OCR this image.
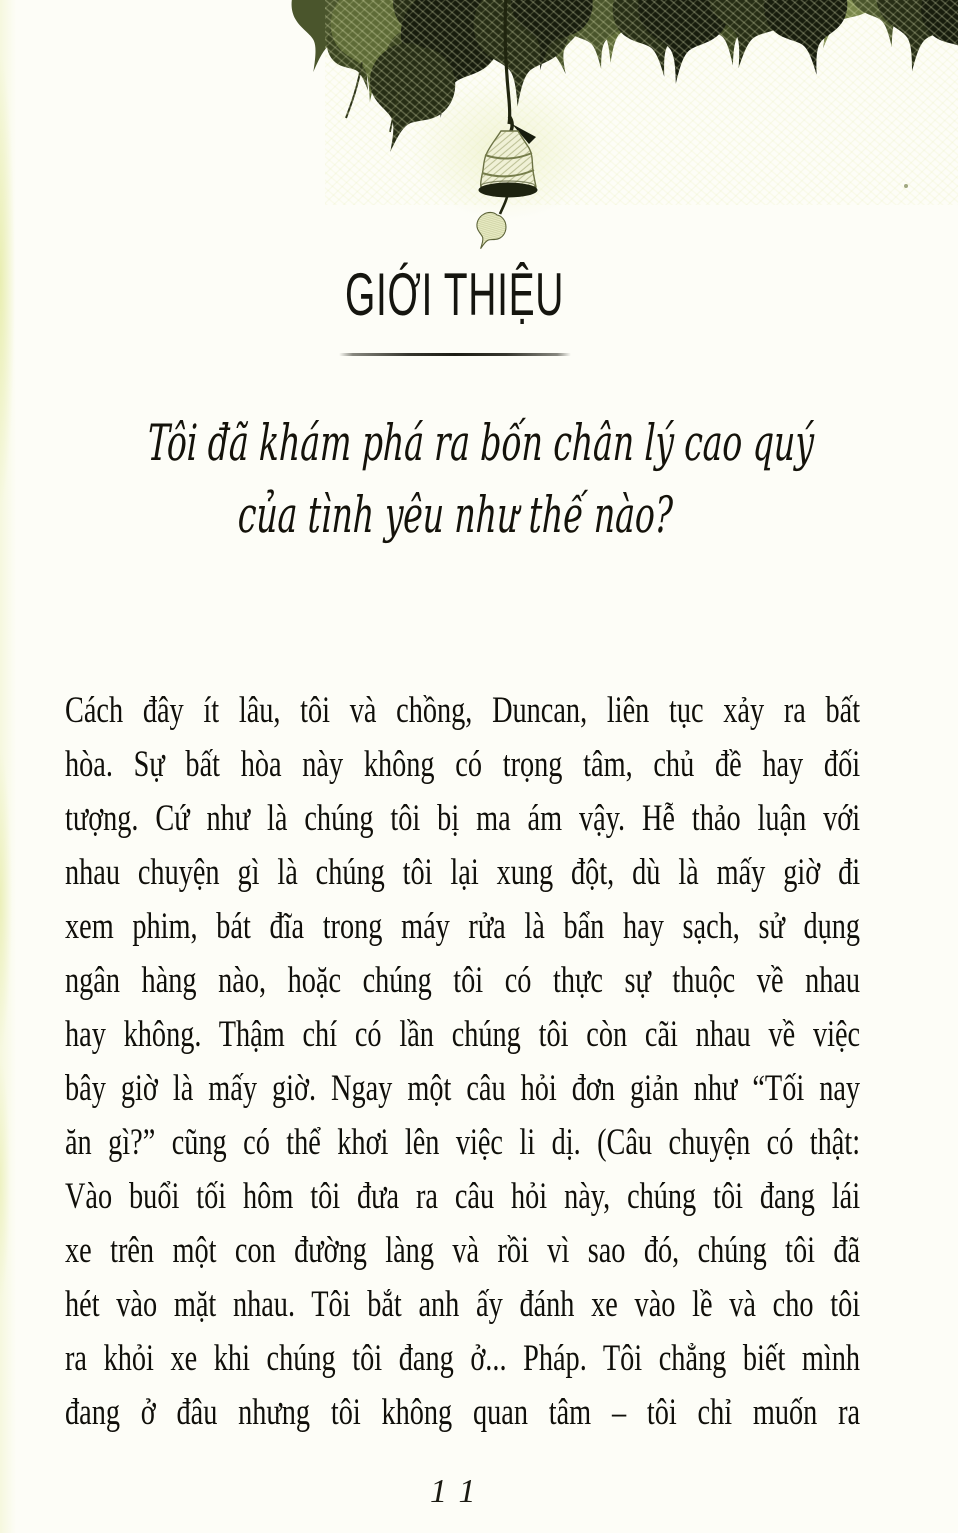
GIỚI THIỆU
Tôi đã khám phá ra bốn chân lý cao quý
của tình yêu như thế nào?
Cách đây ít lâu, tôi và chồng, Duncan, liên tục xảy ra bất
hòa. Sự bất hòa này không có trọng tâm, chủ đề hay đối
tượng. Cứ như là chúng tôi bị ma ám vậy. Hễ thảo luận với
nhau chuyện gì là chúng tôi lại xung đột, dù là mấy giờ đi
xem phim, bát đĩa trong máy rửa là bẩn hay sạch, sử dụng
ngân hàng nào, hoặc chúng tôi có thực sự thuộc về nhau
hay không. Thậm chí có lần chúng tôi còn cãi nhau về việc
bây giờ là mấy giờ. Ngay một câu hỏi đơn giản như “Tối nay
ăn gì?” cũng có thể khơi lên việc li dị. (Câu chuyện có thật:
Vào buổi tối hôm tôi đưa ra câu hỏi này, chúng tôi đang lái
xe trên một con đường làng và rồi vì sao đó, chúng tôi đã
hét vào mặt nhau. Tôi bắt anh ấy đánh xe vào lề và cho tôi
ra khỏi xe khi chúng tôi đang ở... Pháp. Tôi chẳng biết mình
đang ở đâu nhưng tôi không quan tâm – tôi chỉ muốn ra
11
